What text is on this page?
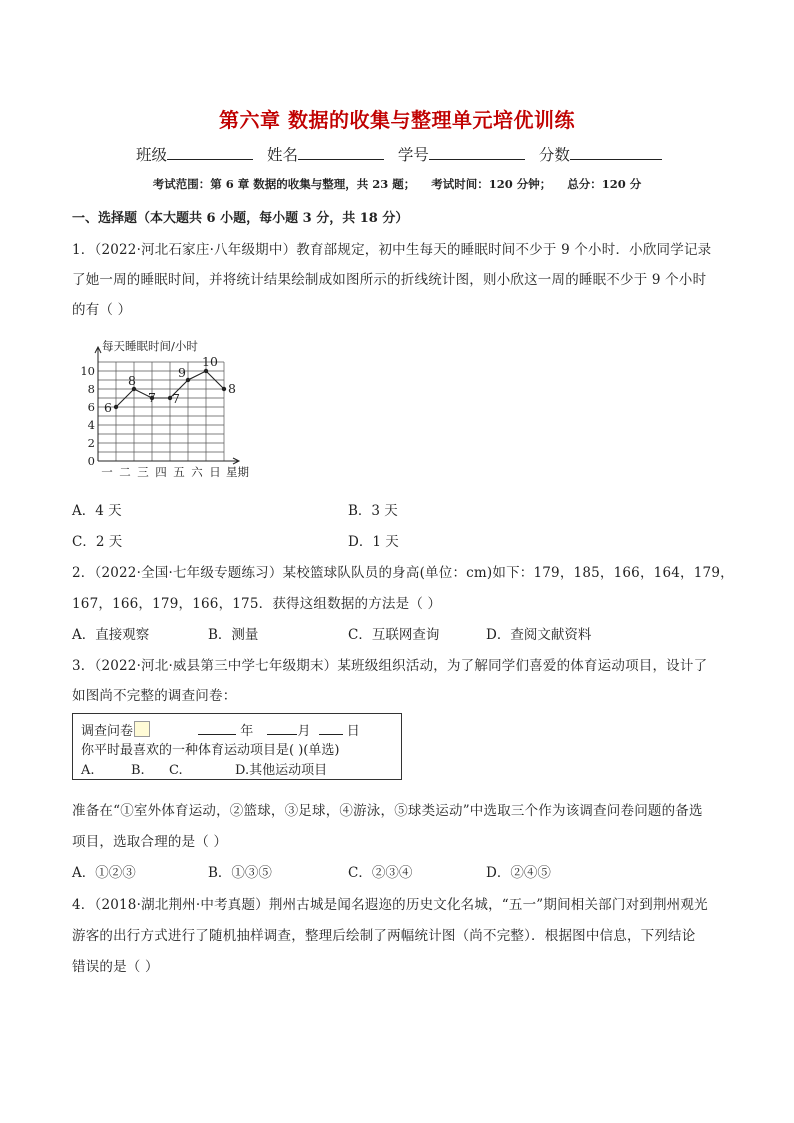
第六章 数据的收集与整理单元培优训练
班级	姓名	学号	分数
考试范围：第 6 章 数据的收集与整理，共 23 题； 考试时间：120 分钟； 总分：120 分
一、选择题（本大题共 6 小题，每小题 3 分，共 18 分）
1．（2022·河北石家庄·八年级期中）教育部规定，初中生每天的睡眠时间不少于 9 个小时．小欣同学记录
了她一周的睡眠时间，并将统计结果绘制成如图所示的折线统计图，则小欣这一周的睡眠不少于 9 个小时
的有（ ）
每天睡眠时间/小时
星期
0
2
4
6
8
10
一 二 三 四 五 六 日
6
8
7 7
9
10
8
A．4 天	B．3 天
C．2 天	D．1 天
2．（2022·全国·七年级专题练习）某校篮球队队员的身高(单位：cm)如下：179，185，166，164，179，
167，166，179，166，175．获得这组数据的方法是（ ）
A．直接观察	B．测量	C．互联网查询	D．查阅文献资料
3．（2022·河北·威县第三中学七年级期末）某班级组织活动，为了解同学们喜爱的体育运动项目，设计了
如图尚不完整的调查问卷：
调查问卷	年	月	日
你平时最喜欢的一种体育运动项目是( )(单选)
A.	B. C.	D.其他运动项目
准备在“①室外体育运动，②篮球，③足球，④游泳，⑤球类运动”中选取三个作为该调查问卷问题的备选
项目，选取合理的是（ ）
A．①②③	B．①③⑤	C．②③④	D．②④⑤
4．（2018·湖北荆州·中考真题）荆州古城是闻名遐迩的历史文化名城，“五一”期间相关部门对到荆州观光
游客的出行方式进行了随机抽样调查，整理后绘制了两幅统计图（尚不完整）．根据图中信息，下列结论
错误的是（ ）
